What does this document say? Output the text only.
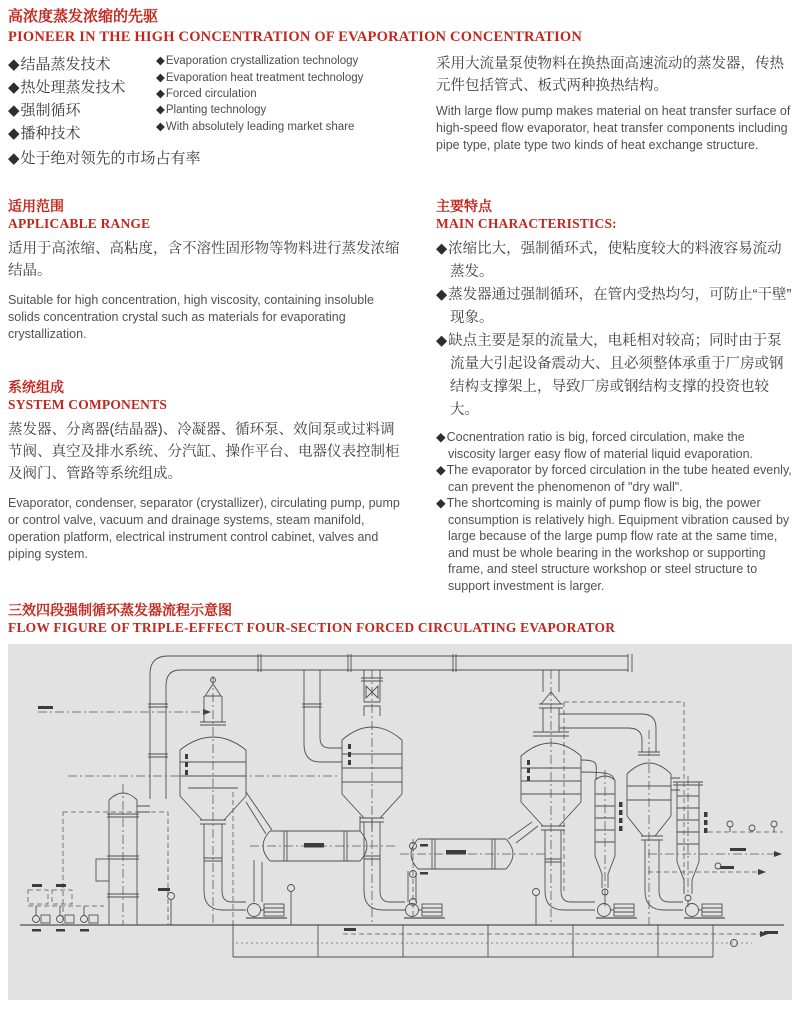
高浓度蒸发浓缩的先驱
PIONEER IN THE HIGH CONCENTRATION OF EVAPORATION CONCENTRATION
◆结晶蒸发技术
◆热处理蒸发技术
◆强制循环
◆播种技术
◆Evaporation crystallization technology
◆Evaporation heat treatment technology
◆Forced circulation
◆Planting technology
◆With absolutely leading market share
◆处于绝对领先的市场占有率

采用大流量泵使物料在换热面高速流动的蒸发器，传热元件包括管式、板式两种换热结构。

With large flow pump makes material on heat transfer surface of high-speed flow evaporator, heat transfer components including pipe type, plate type two kinds of heat exchange structure.

适用范围
APPLICABLE RANGE

适用于高浓缩、高粘度，含不溶性固形物等物料进行蒸发浓缩结晶。

Suitable for high concentration, high viscosity, containing insoluble solids concentration crystal such as materials for evaporating crystallization.

系统组成
SYSTEM COMPONENTS

蒸发器、分离器(结晶器)、冷凝器、循环泵、效间泵或过料调节阀、真空及排水系统、分汽缸、操作平台、电器仪表控制柜及阀门、管路等系统组成。

Evaporator, condenser, separator (crystallizer), circulating pump, pump or control valve, vacuum and drainage systems, steam manifold, operation platform, electrical instrument control cabinet, valves and piping system.

主要特点
MAIN CHARACTERISTICS:
◆浓缩比大，强制循环式，使粘度较大的料液容易流动蒸发。
◆蒸发器通过强制循环，在管内受热均匀，可防止“干壁” 现象。
◆缺点主要是泵的流量大，电耗相对较高；同时由于泵流量大引起设备震动大、且必须整体承重于厂房或钢结构支撑架上，导致厂房或钢结构支撑的投资也较大。
◆Cocnentration ratio is big, forced circulation, make the viscosity larger easy flow of material liquid evaporation.
◆The evaporator by forced circulation in the tube heated evenly, can prevent the phenomenon of "dry wall".
◆The shortcoming is mainly of pump flow is big, the power consumption is relatively high. Equipment vibration caused by large because of the large pump flow rate at the same time, and must be whole bearing in the workshop or supporting frame, and steel structure workshop or steel structure to support investment is larger.
三效四段强制循环蒸发器流程示意图
FLOW FIGURE OF TRIPLE-EFFECT FOUR-SECTION FORCED CIRCULATING EVAPORATOR
